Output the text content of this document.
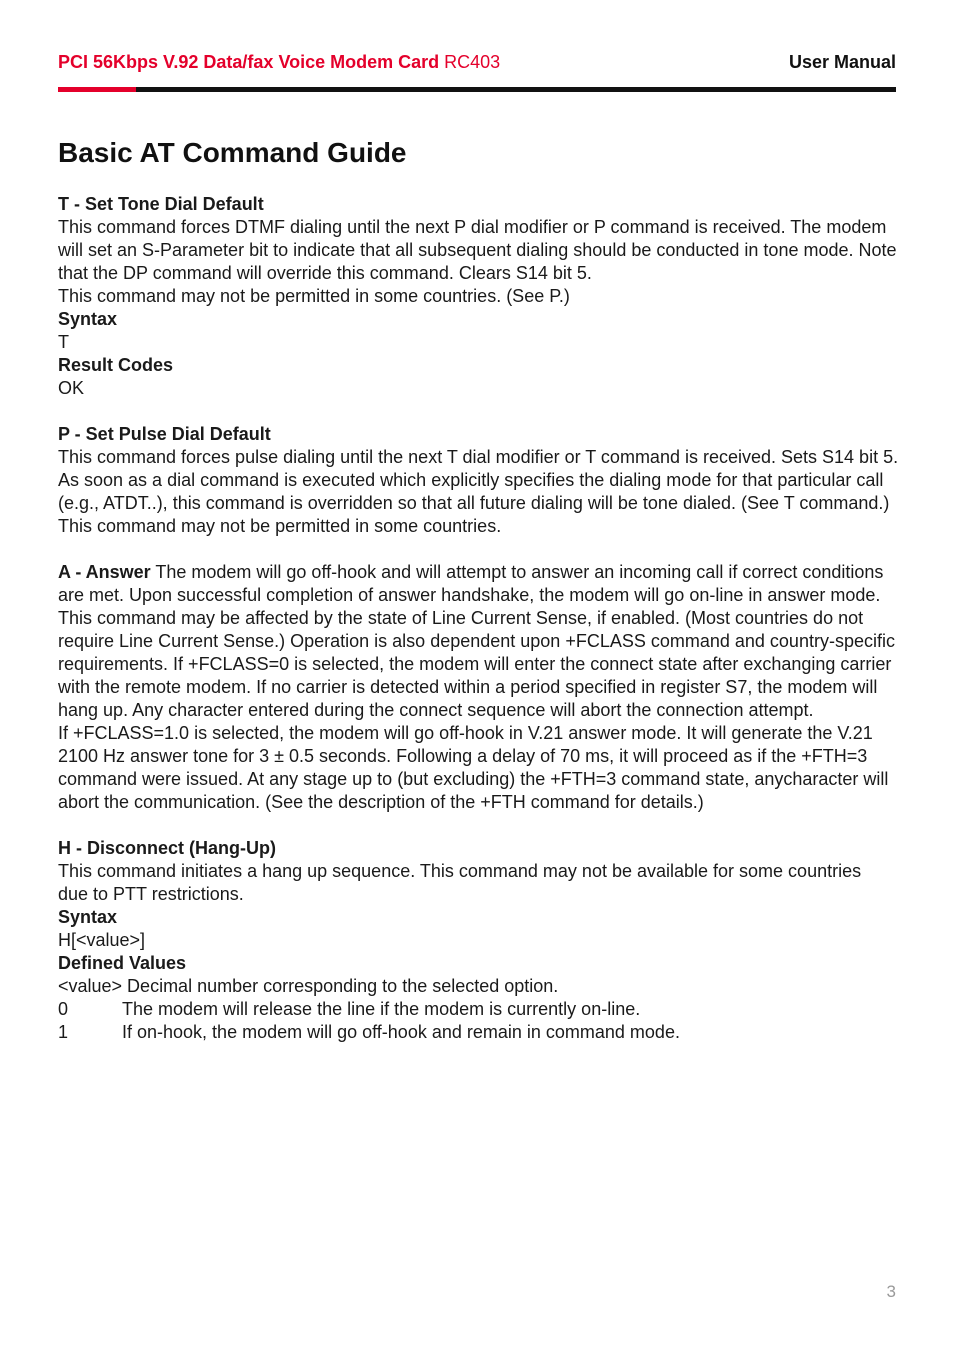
PCI 56Kbps V.92 Data/fax Voice Modem Card RC403	User Manual
Basic AT Command Guide

T - Set Tone Dial Default

This command forces DTMF dialing until the next P dial modifier or P command is received. The modem will set an S-Parameter bit to indicate that all subsequent dialing should be conducted in tone mode. Note that the DP command will override this command. Clears S14 bit 5.

This command may not be permitted in some countries. (See P.)

Syntax

T

Result Codes

OK

P - Set Pulse Dial Default

This command forces pulse dialing until the next T dial modifier or T command is received. Sets S14 bit 5.

As soon as a dial command is executed which explicitly specifies the dialing mode for that particular call (e.g., ATDT..), this command is overridden so that all future dialing will be tone dialed. (See T command.)

This command may not be permitted in some countries.

A - Answer The modem will go off-hook and will attempt to answer an incoming call if correct conditions are met. Upon successful completion of answer handshake, the modem will go on-line in answer mode. This command may be affected by the state of Line Current Sense, if enabled. (Most countries do not require Line Current Sense.) Operation is also dependent upon +FCLASS command and country-specific requirements. If +FCLASS=0 is selected, the modem will enter the connect state after exchanging carrier with the remote modem. If no carrier is detected within a period specified in register S7, the modem will hang up. Any character entered during the connect sequence will abort the connection attempt.

If +FCLASS=1.0 is selected, the modem will go off-hook in V.21 answer mode. It will generate the V.21 2100 Hz answer tone for 3 ± 0.5 seconds. Following a delay of 70 ms, it will proceed as if the +FTH=3 command were issued. At any stage up to (but excluding) the +FTH=3 command state, anycharacter will abort the communication. (See the description of the +FTH command for details.)

H - Disconnect (Hang-Up)

This command initiates a hang up sequence. This command may not be available for some countries

due to PTT restrictions.

Syntax

H[<value>]

Defined Values

<value> Decimal number corresponding to the selected option.

0	The modem will release the line if the modem is currently on-line.
1	If on-hook, the modem will go off-hook and remain in command mode.
3
